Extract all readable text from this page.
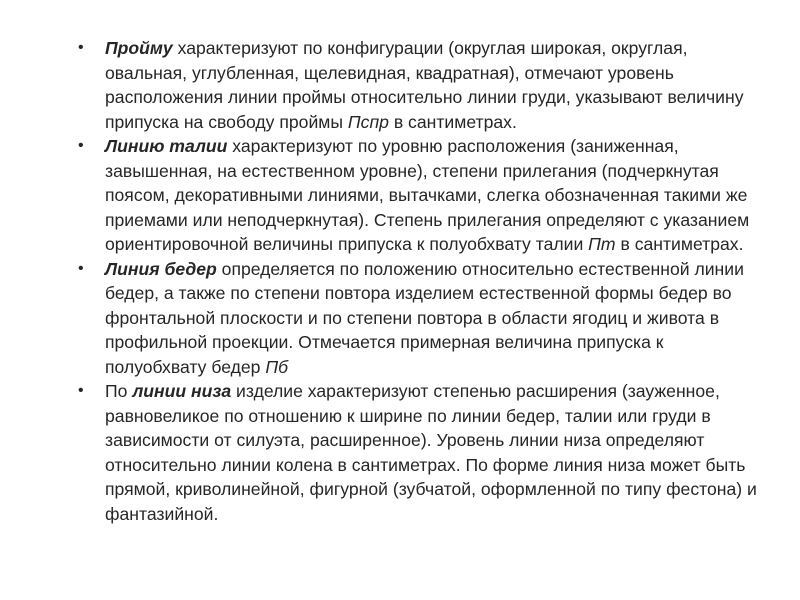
• Пройму характеризуют по конфигурации (округлая широкая, округлая, овальная, углубленная, щелевидная, квадратная), отмечают уровень расположения линии проймы относительно линии груди, указывают величину припуска на свободу проймы Пспр в сантиметрах.
• Линию талии характеризуют по уровню расположения (заниженная, завышенная, на естественном уровне), степени прилегания (подчеркнутая поясом, декоративными линиями, вытачками, слегка обозначенная такими же приемами или неподчеркнутая). Степень прилегания определяют с указанием ориентировочной величины припуска к полуобхвату талии Пт в сантиметрах.
• Линия бедер определяется по положению относительно естественной линии бедер, а также по степени повтора изделием естественной формы бедер во фронтальной плоскости и по степени повтора в области ягодиц и живота в профильной проекции. Отмечается примерная величина припуска к полуобхвату бедер Пб
• По линии низа изделие характеризуют степенью расширения (зауженное, равновеликое по отношению к ширине по линии бедер, талии или груди в зависимости от силуэта, расширенное). Уровень линии низа определяют относительно линии колена в сантиметрах. По форме линия низа может быть прямой, криволинейной, фигурной (зубчатой, оформленной по типу фестона) и фантазийной.
